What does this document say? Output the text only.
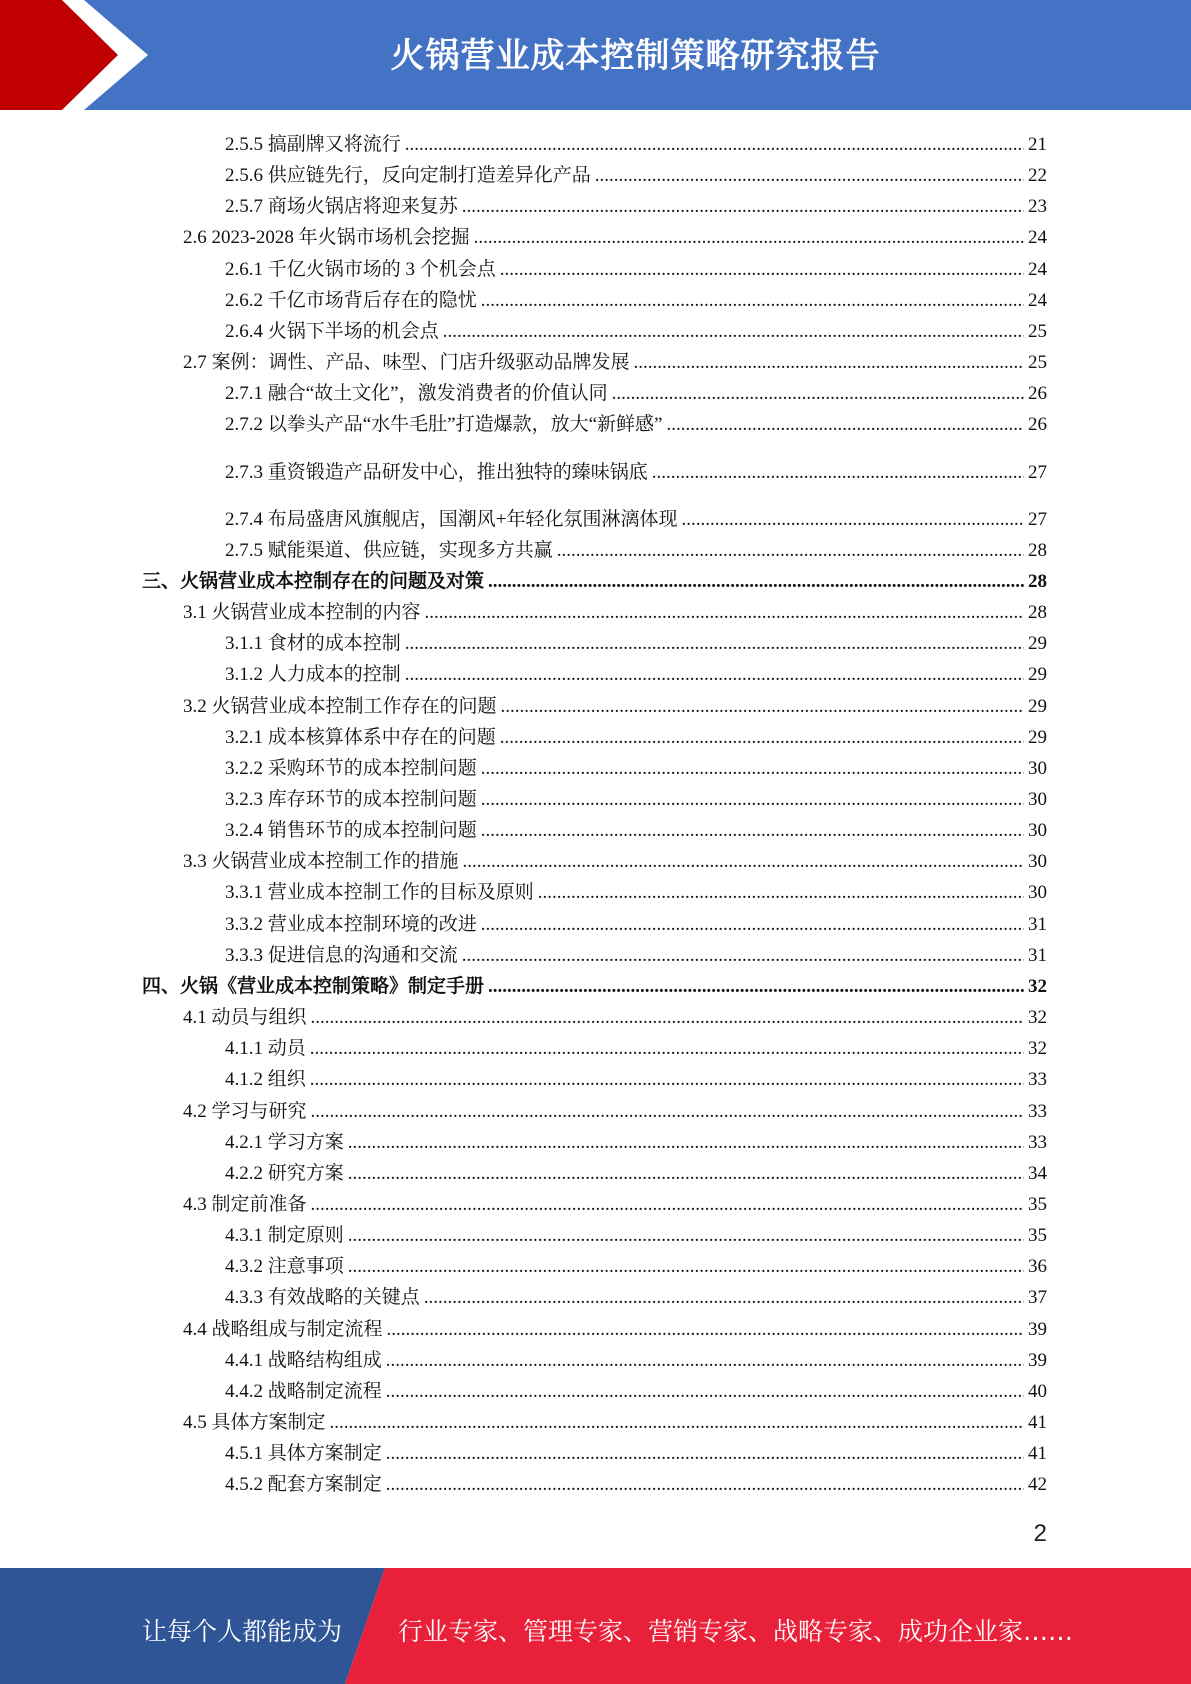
火锅营业成本控制策略研究报告
2.5.5 搞副牌又将流行 .....	21
2.5.6 供应链先行，反向定制打造差异化产品 .....	22
2.5.7 商场火锅店将迎来复苏 .....	23
2.6 2023-2028 年火锅市场机会挖掘 .....	24
2.6.1 千亿火锅市场的 3 个机会点 .....	24
2.6.2 千亿市场背后存在的隐忧 .....	24
2.6.4 火锅下半场的机会点 .....	25
2.7 案例：调性、产品、味型、门店升级驱动品牌发展 .....	25
2.7.1 融合“故土文化”，激发消费者的价值认同 .....	26
2.7.2 以拳头产品“水牛毛肚”打造爆款，放大“新鲜感” .....	26
2.7.3 重资锻造产品研发中心，推出独特的臻味锅底 .....	27
2.7.4 布局盛唐风旗舰店，国潮风+年轻化氛围淋漓体现 .....	27
2.7.5 赋能渠道、供应链，实现多方共赢 .....	28
三、火锅营业成本控制存在的问题及对策 .....	28
3.1 火锅营业成本控制的内容 .....	28
3.1.1 食材的成本控制 .....	29
3.1.2 人力成本的控制 .....	29
3.2 火锅营业成本控制工作存在的问题 .....	29
3.2.1 成本核算体系中存在的问题 .....	29
3.2.2 采购环节的成本控制问题 .....	30
3.2.3 库存环节的成本控制问题 .....	30
3.2.4 销售环节的成本控制问题 .....	30
3.3 火锅营业成本控制工作的措施 .....	30
3.3.1 营业成本控制工作的目标及原则 .....	30
3.3.2 营业成本控制环境的改进 .....	31
3.3.3 促进信息的沟通和交流 .....	31
四、火锅《营业成本控制策略》制定手册 .....	32
4.1 动员与组织 .....	32
4.1.1 动员 .....	32
4.1.2 组织 .....	33
4.2 学习与研究 .....	33
4.2.1 学习方案 .....	33
4.2.2 研究方案 .....	34
4.3 制定前准备 .....	35
4.3.1 制定原则 .....	35
4.3.2 注意事项 .....	36
4.3.3 有效战略的关键点 .....	37
4.4 战略组成与制定流程 .....	39
4.4.1 战略结构组成 .....	39
4.4.2 战略制定流程 .....	40
4.5 具体方案制定 .....	41
4.5.1 具体方案制定 .....	41
4.5.2 配套方案制定 .....	42
2
让每个人都能成为 行业专家、管理专家、营销专家、战略专家、成功企业家……
